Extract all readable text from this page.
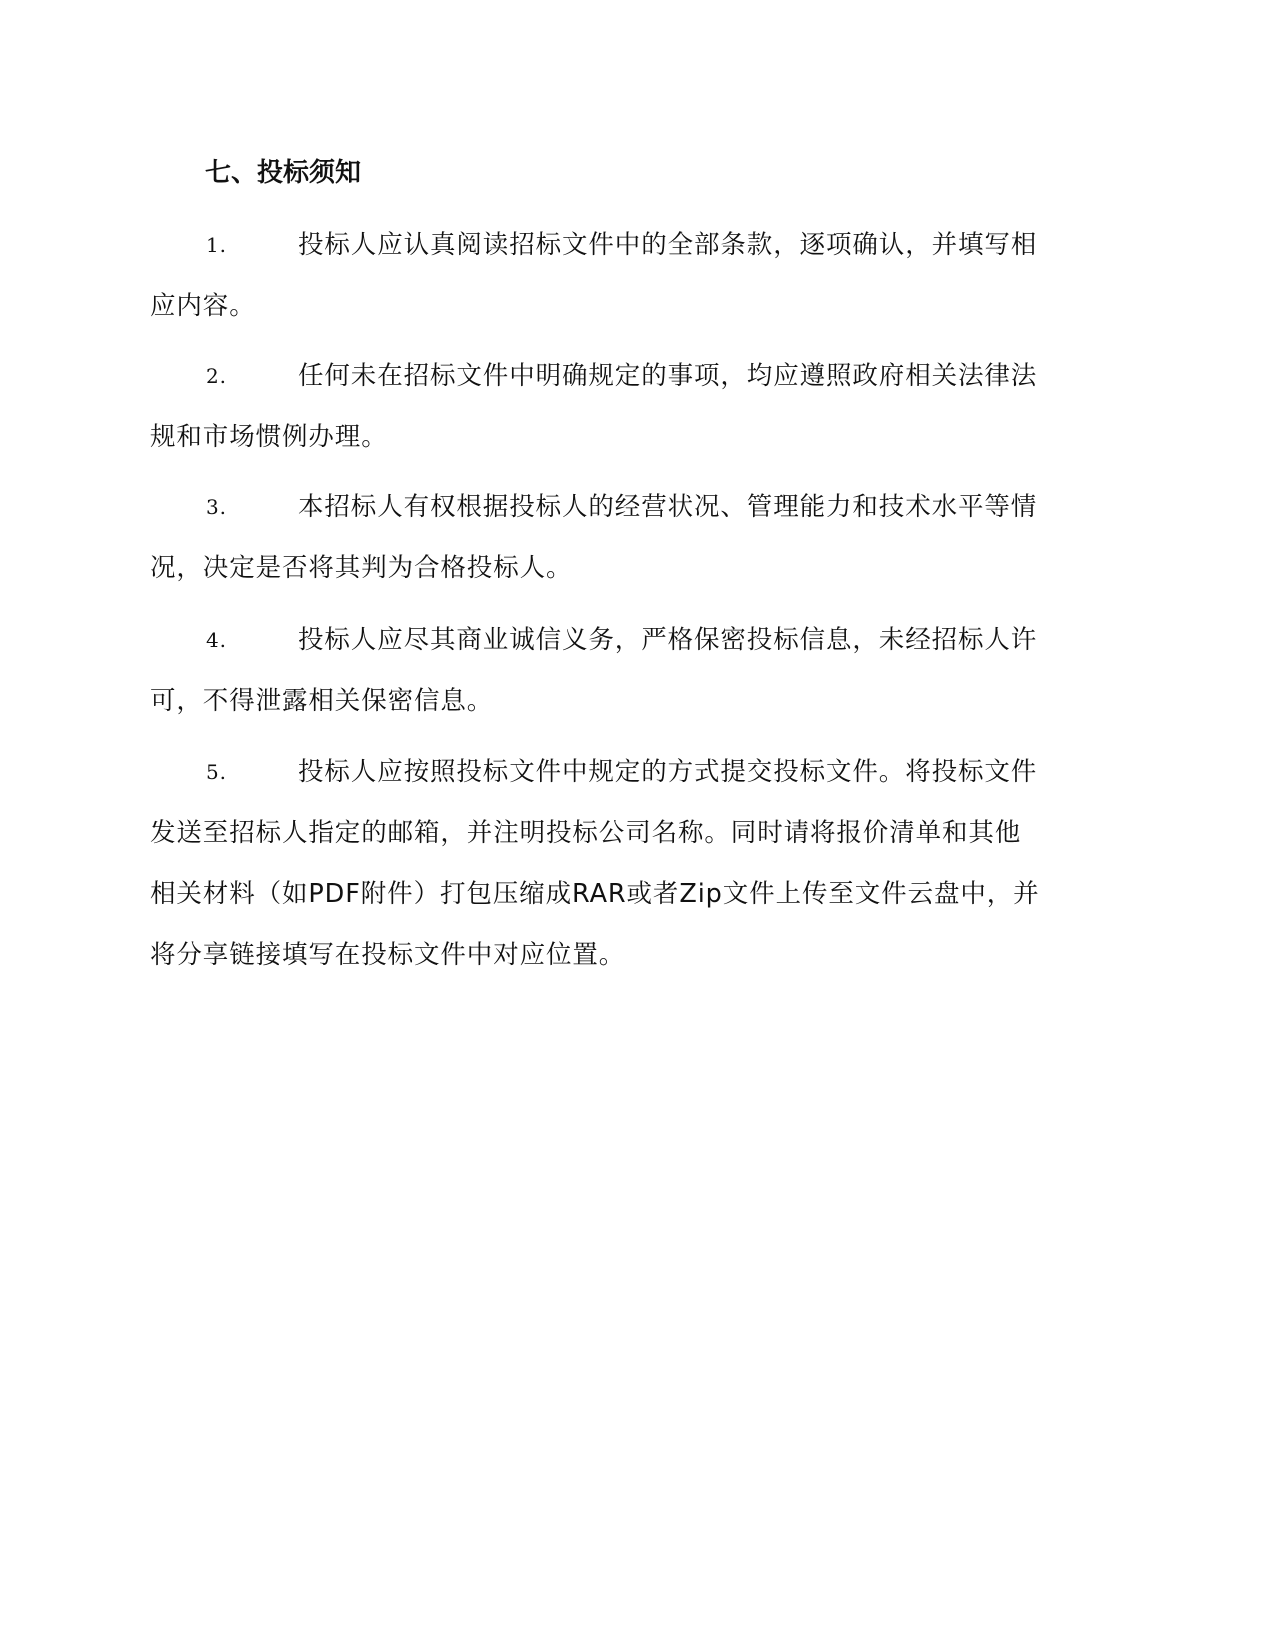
七、投标须知
1.	投标人应认真阅读招标文件中的全部条款，逐项确认，并填写相
应内容。
2.	任何未在招标文件中明确规定的事项，均应遵照政府相关法律法
规和市场惯例办理。
3.	本招标人有权根据投标人的经营状况、管理能力和技术水平等情
况，决定是否将其判为合格投标人。
4.	投标人应尽其商业诚信义务，严格保密投标信息，未经招标人许
可，不得泄露相关保密信息。
5.	投标人应按照投标文件中规定的方式提交投标文件。将投标文件
发送至招标人指定的邮箱，并注明投标公司名称。同时请将报价清单和其他
相关材料（如PDF附件）打包压缩成RAR或者Zip文件上传至文件云盘中，并
将分享链接填写在投标文件中对应位置。
